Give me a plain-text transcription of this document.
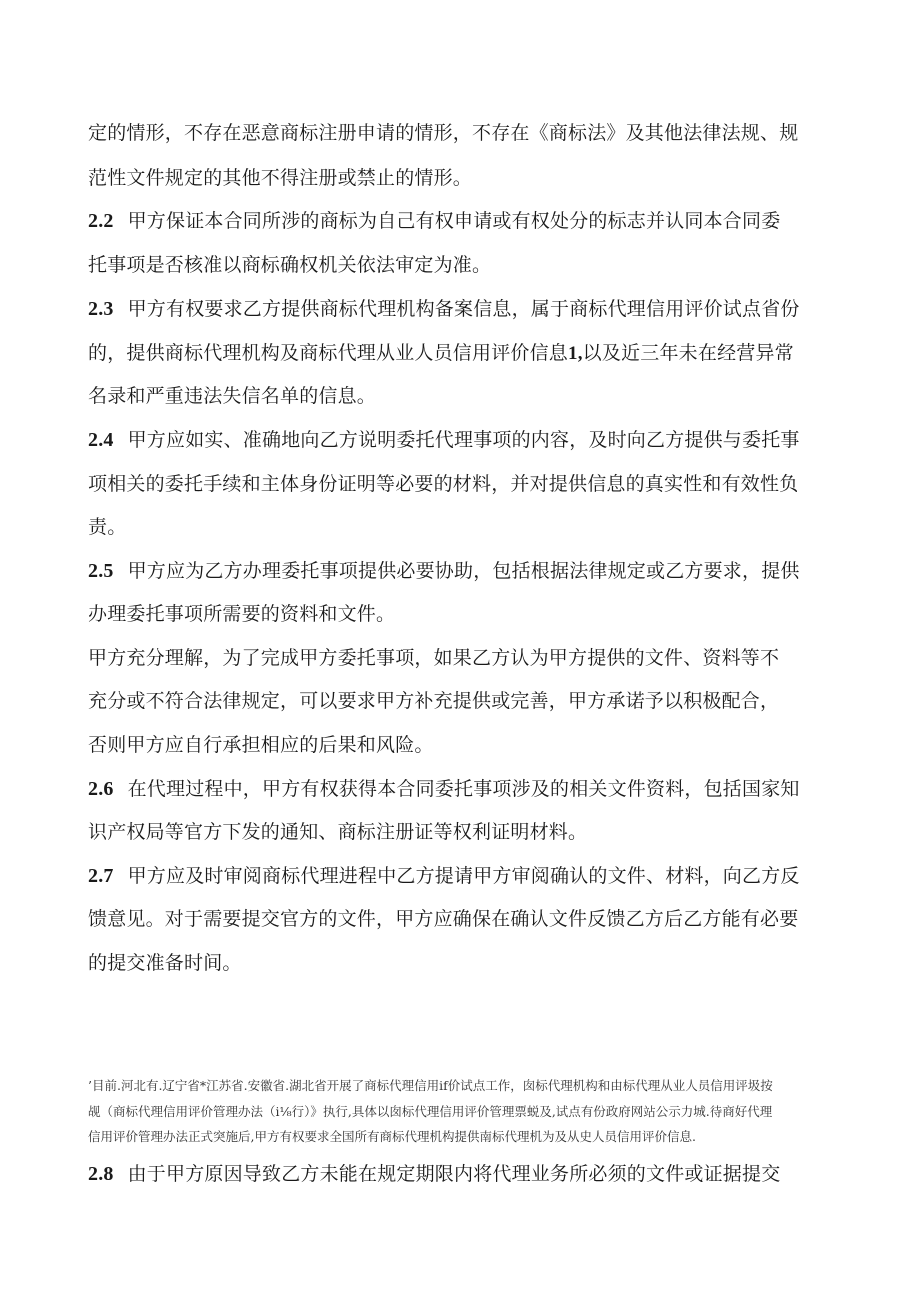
定的情形，不存在恶意商标注册申请的情形，不存在《商标法》及其他法律法规、规
范性文件规定的其他不得注册或禁止的情形。
2.2 甲方保证本合同所涉的商标为自己有权申请或有权处分的标志并认同本合同委
托事项是否核准以商标确权机关依法审定为准。
2.3 甲方有权要求乙方提供商标代理机构备案信息，属于商标代理信用评价试点省份
的，提供商标代理机构及商标代理从业人员信用评价信息1,以及近三年未在经营异常
名录和严重违法失信名单的信息。
2.4 甲方应如实、准确地向乙方说明委托代理事项的内容，及时向乙方提供与委托事
项相关的委托手续和主体身份证明等必要的材料，并对提供信息的真实性和有效性负
责。
2.5 甲方应为乙方办理委托事项提供必要协助，包括根据法律规定或乙方要求，提供
办理委托事项所需要的资料和文件。
甲方充分理解，为了完成甲方委托事项，如果乙方认为甲方提供的文件、资料等不
充分或不符合法律规定，可以要求甲方补充提供或完善，甲方承诺予以积极配合，
否则甲方应自行承担相应的后果和风险。
2.6 在代理过程中，甲方有权获得本合同委托事项涉及的相关文件资料，包括国家知
识产权局等官方下发的通知、商标注册证等权利证明材料。
2.7 甲方应及时审阅商标代理进程中乙方提请甲方审阅确认的文件、材料，向乙方反
馈意见。对于需要提交官方的文件，甲方应确保在确认文件反馈乙方后乙方能有必要
的提交准备时间。
’目前.河北有.辽宁省*江苏省.安徽省.湖北省开展了商标代理信用if价试点工作，囱标代理机构和由标代理从业人员信用评圾按
觇（商标代理信用评价管理办法（i⅛行）》执行,具体以囱标代理信用评价管理票蜕及,试点有份政府网站公示力城.待商好代理
信用评价管理办法正式突施后,甲方有权要求全国所有商标代理机构提供南标代理机为及从史人员信用评价信息.
2.8 由于甲方原因导致乙方未能在规定期限内将代理业务所必须的文件或证据提交
